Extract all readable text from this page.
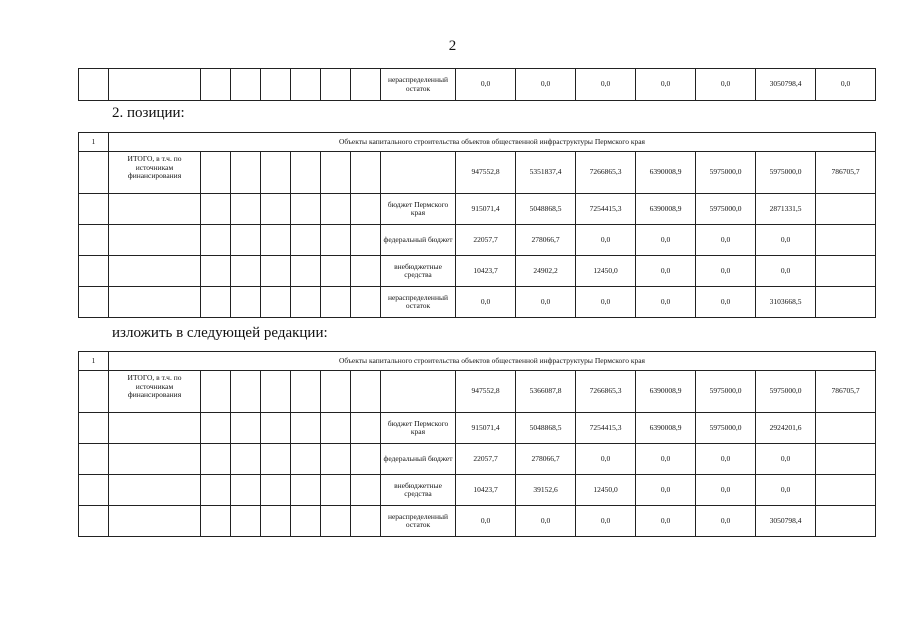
2
								нераспределенный остаток	0,0	0,0	0,0	0,0	0,0	3050798,4	0,0
2. позиции:
1	Объекты капитального строительства объектов общественной инфраструктуры Пермского края														
	ИТОГО, в т.ч. по источникам финансирования								947552,8	5351837,4	7266865,3	6390008,9	5975000,0	5975000,0	786705,7
								бюджет Пермского края	915071,4	5048868,5	7254415,3	6390008,9	5975000,0	2871331,5	
								федеральный бюджет	22057,7	278066,7	0,0	0,0	0,0	0,0	
								внебюджетные средства	10423,7	24902,2	12450,0	0,0	0,0	0,0	
								нераспределенный остаток	0,0	0,0	0,0	0,0	0,0	3103668,5	
изложить в следующей редакции:
1	Объекты капитального строительства объектов общественной инфраструктуры Пермского края														
	ИТОГО, в т.ч. по источникам финансирования								947552,8	5366087,8	7266865,3	6390008,9	5975000,0	5975000,0	786705,7
								бюджет Пермского края	915071,4	5048868,5	7254415,3	6390008,9	5975000,0	2924201,6	
								федеральный бюджет	22057,7	278066,7	0,0	0,0	0,0	0,0	
								внебюджетные средства	10423,7	39152,6	12450,0	0,0	0,0	0,0	
								нераспределенный остаток	0,0	0,0	0,0	0,0	0,0	3050798,4	
